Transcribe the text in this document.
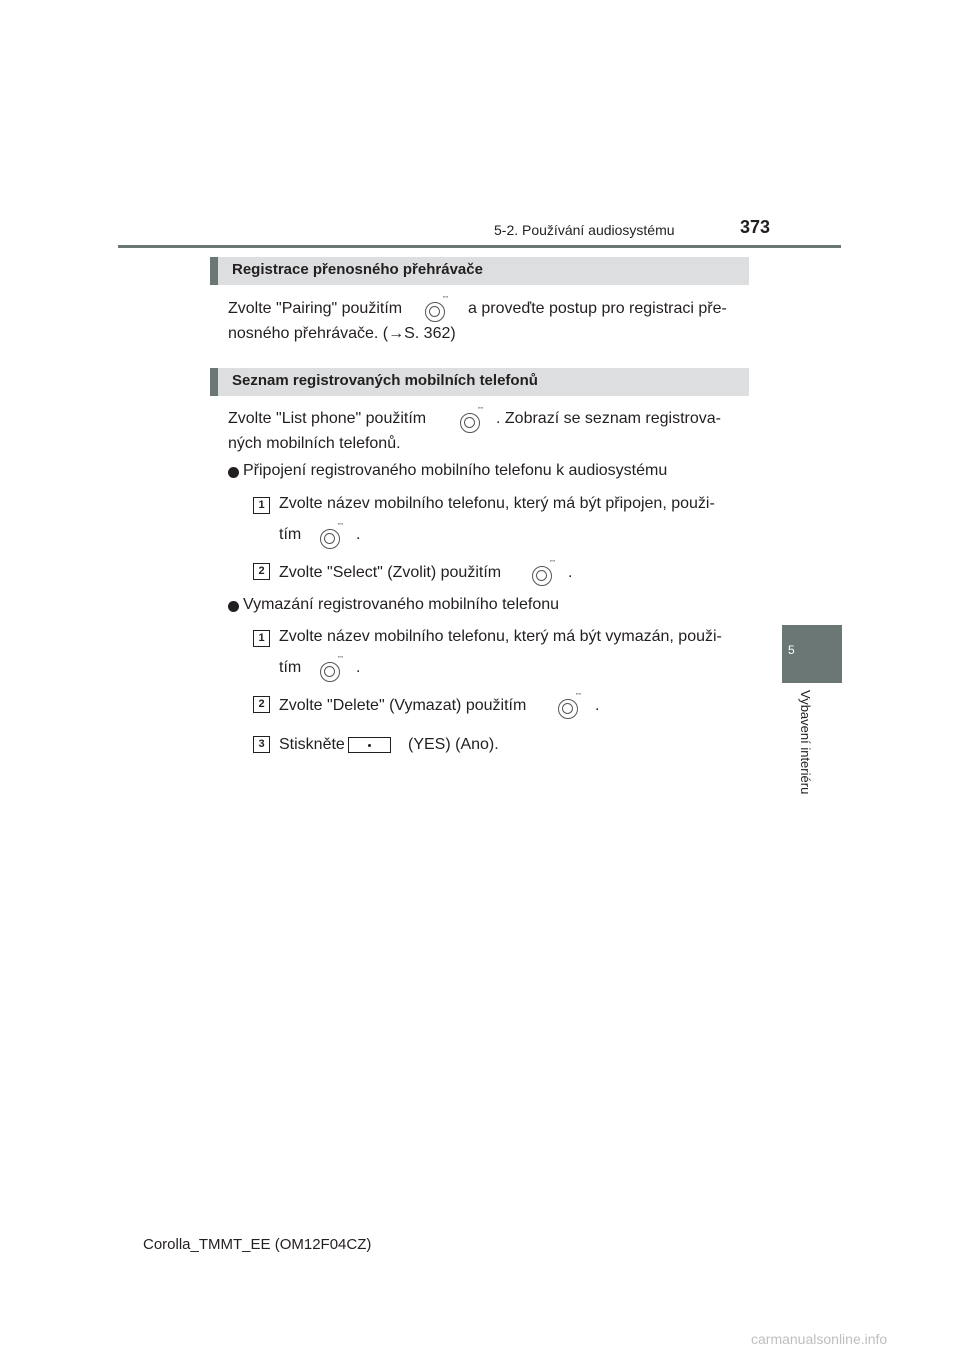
5-2. Používání audiosystému	373
5
Vybavení interiéru
Registrace přenosného přehrávače
Zvolte "Pairing" použitím
""
a proveďte postup pro registraci pře-
nosného přehrávače. (→S. 362)
Seznam registrovaných mobilních telefonů
Zvolte "List phone" použitím	"" . Zobrazí se seznam registrova-
ných mobilních telefonů.
Připojení registrovaného mobilního telefonu k audiosystému
1 Zvolte název mobilního telefonu, který má být připojen, použi-
tím	"" .
2 Zvolte "Select" (Zvolit) použitím
""
.
Vymazání registrovaného mobilního telefonu
1 Zvolte název mobilního telefonu, který má být vymazán, použi-
tím	"" .
2 Zvolte "Delete" (Vymazat) použitím
""
.
3 Stiskněte	(YES) (Ano).
Corolla_TMMT_EE (OM12F04CZ)
carmanualsonline.info
